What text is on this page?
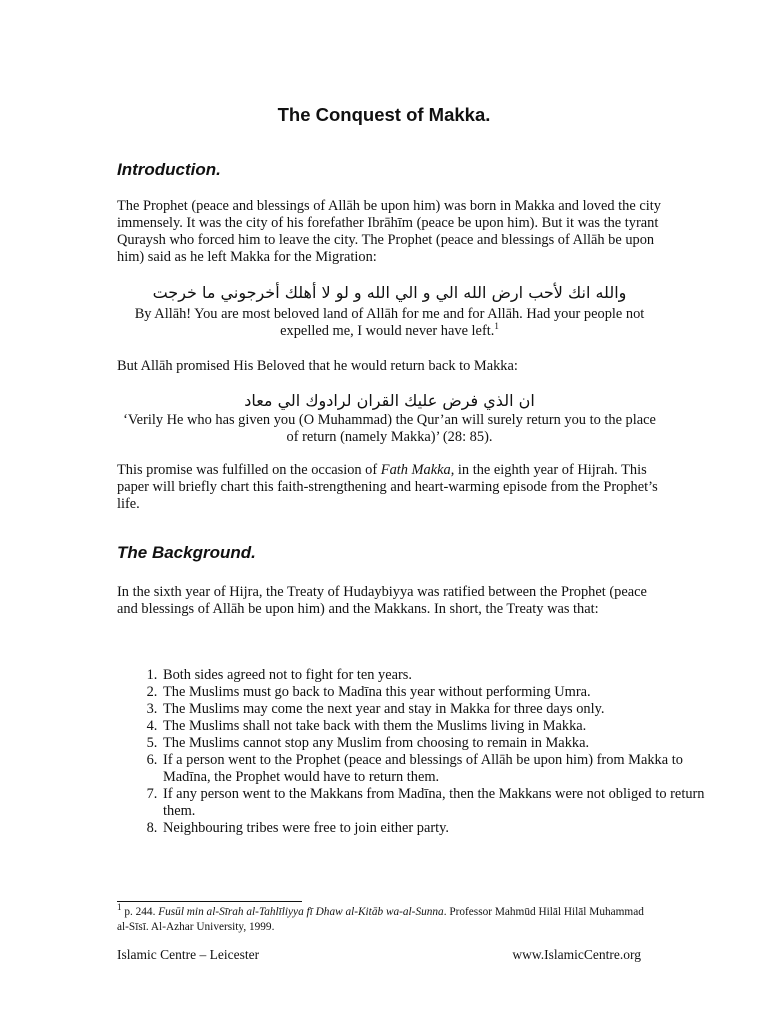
The Conquest of Makka.
Introduction.

The Prophet (peace and blessings of Allāh be upon him) was born in Makka and loved the city immensely. It was the city of his forefather Ibrāhīm (peace be upon him). But it was the tyrant Quraysh who forced him to leave the city. The Prophet (peace and blessings of Allāh be upon him) said as he left Makka for the Migration:

والله انك لأحب ارض الله الي و الي الله و لو لا أهلك أخرجوني ما خرجت

By Allāh! You are most beloved land of Allāh for me and for Allāh. Had your people not expelled me, I would never have left.$^1$

But Allāh promised His Beloved that he would return back to Makka:

ان الذي فرض عليك القران لرادوك الي معاد

‘Verily He who has given you (O Muhammad) the Qur’an will surely return you to the place of return (namely Makka)’ (28: 85).

This promise was fulfilled on the occasion of Fath Makka, in the eighth year of Hijrah. This paper will briefly chart this faith-strengthening and heart-warming episode from the Prophet’s life.

The Background.

In the sixth year of Hijra, the Treaty of Hudaybiyya was ratified between the Prophet (peace and blessings of Allāh be upon him) and the Makkans. In short, the Treaty was that:

1. Both sides agreed not to fight for ten years.
2. The Muslims must go back to Madīna this year without performing Umra.
3. The Muslims may come the next year and stay in Makka for three days only.
4. The Muslims shall not take back with them the Muslims living in Makka.
5. The Muslims cannot stop any Muslim from choosing to remain in Makka.
6. If a person went to the Prophet (peace and blessings of Allāh be upon him) from Makka to Madīna, the Prophet would have to return them.
7. If any person went to the Makkans from Madīna, then the Makkans were not obliged to return them.
8. Neighbouring tribes were free to join either party.

$^1$ p. 244. Fusūl min al-Sīrah al-Tahlīliyya fī Dhaw al-Kitāb wa-al-Sunna. Professor Mahmūd Hilāl Hilāl Muhammad al-Sīsī. Al-Azhar University, 1999.

Islamic Centre – Leicester	www.IslamicCentre.org
